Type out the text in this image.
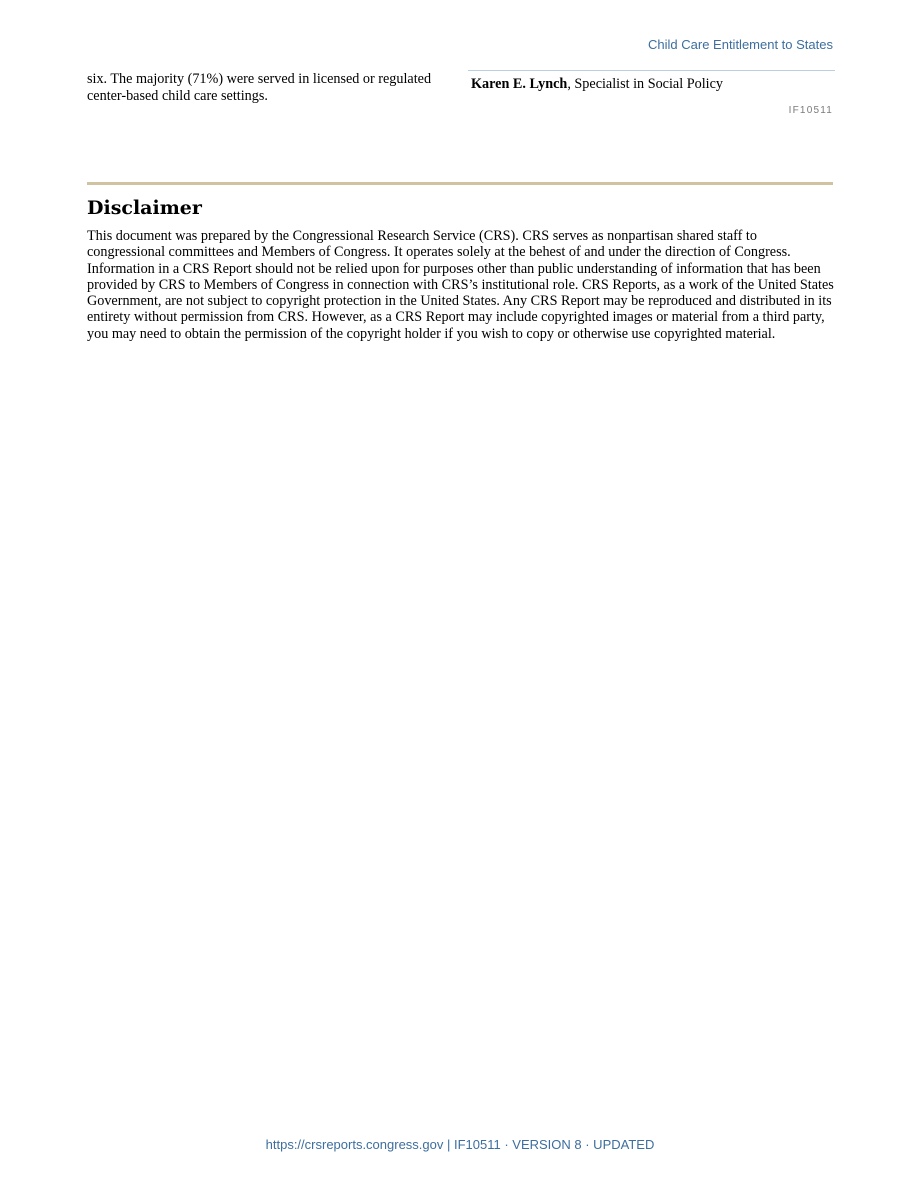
Child Care Entitlement to States
six. The majority (71%) were served in licensed or regulated center-based child care settings.
Karen E. Lynch, Specialist in Social Policy
IF10511
Disclaimer

This document was prepared by the Congressional Research Service (CRS). CRS serves as nonpartisan shared staff to congressional committees and Members of Congress. It operates solely at the behest of and under the direction of Congress. Information in a CRS Report should not be relied upon for purposes other than public understanding of information that has been provided by CRS to Members of Congress in connection with CRS’s institutional role. CRS Reports, as a work of the United States Government, are not subject to copyright protection in the United States. Any CRS Report may be reproduced and distributed in its entirety without permission from CRS. However, as a CRS Report may include copyrighted images or material from a third party, you may need to obtain the permission of the copyright holder if you wish to copy or otherwise use copyrighted material.

https://crsreports.congress.gov | IF10511 · VERSION 8 · UPDATED
